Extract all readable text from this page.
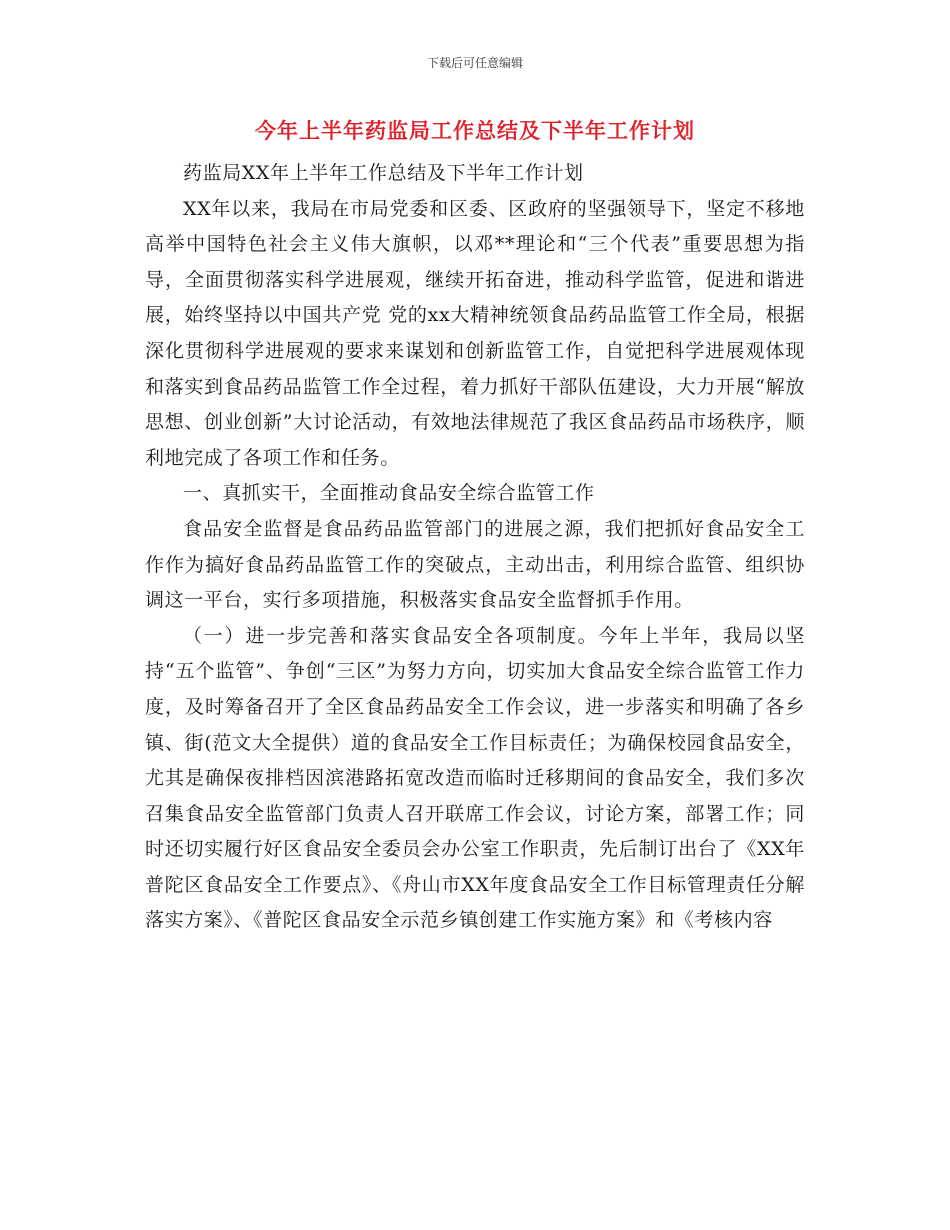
下载后可任意编辑
今年上半年药监局工作总结及下半年工作计划

药监局XX年上半年工作总结及下半年工作计划

XX年以来，我局在市局党委和区委、区政府的坚强领导下，坚定不移地高举中国特色社会主义伟大旗帜，以邓**理论和“三个代表”重要思想为指导，全面贯彻落实科学进展观，继续开拓奋进，推动科学监管，促进和谐进展，始终坚持以中国共产党 党的xx大精神统领食品药品监管工作全局，根据深化贯彻科学进展观的要求来谋划和创新监管工作，自觉把科学进展观体现和落实到食品药品监管工作全过程，着力抓好干部队伍建设，大力开展“解放思想、创业创新”大讨论活动，有效地法律规范了我区食品药品市场秩序，顺利地完成了各项工作和任务。

一、真抓实干，全面推动食品安全综合监管工作

食品安全监督是食品药品监管部门的进展之源，我们把抓好食品安全工作作为搞好食品药品监管工作的突破点，主动出击，利用综合监管、组织协调这一平台，实行多项措施，积极落实食品安全监督抓手作用。

（一）进一步完善和落实食品安全各项制度。今年上半年，我局以坚持“五个监管”、争创“三区”为努力方向，切实加大食品安全综合监管工作力度，及时筹备召开了全区食品药品安全工作会议，进一步落实和明确了各乡镇、街(范文大全提供）道的食品安全工作目标责任；为确保校园食品安全，尤其是确保夜排档因滨港路拓宽改造而临时迁移期间的食品安全，我们多次召集食品安全监管部门负责人召开联席工作会议，讨论方案，部署工作；同时还切实履行好区食品安全委员会办公室工作职责，先后制订出台了《XX年普陀区食品安全工作要点》、《舟山市XX年度食品安全工作目标管理责任分解落实方案》、《普陀区食品安全示范乡镇创建工作实施方案》和《考核内容
